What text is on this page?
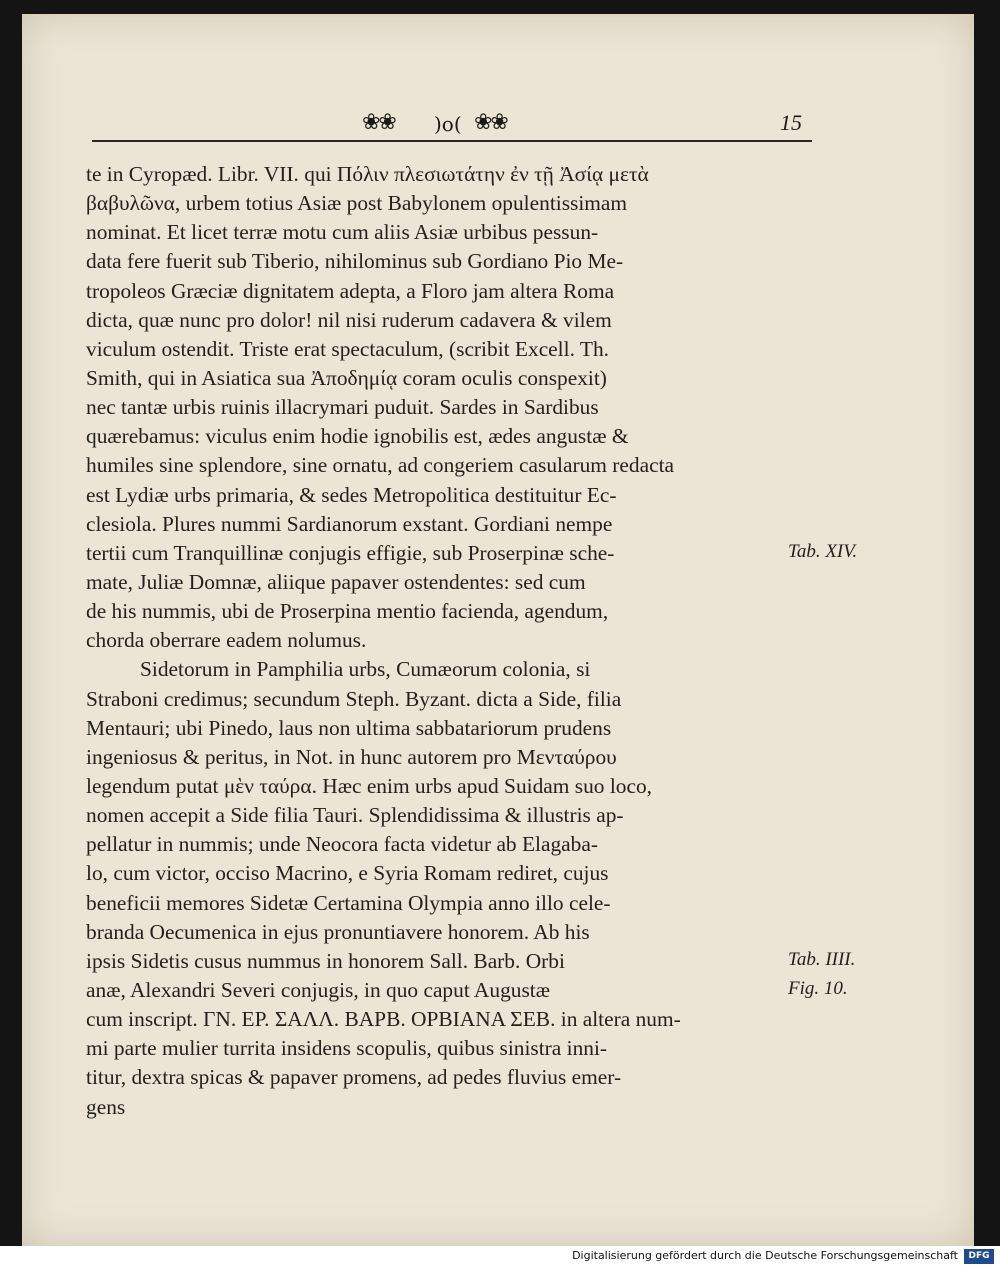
❀❀ )o( ❀❀	15
te in Cyropæd. Libr. VII. qui Πόλιν πλεσιωτάτην ἐν τῇ Ἀσίᾳ μετὰ
βαβυλῶνα, urbem totius Asiæ post Babylonem opulentissimam
nominat. Et licet terræ motu cum aliis Asiæ urbibus pessun-
data fere fuerit sub Tiberio, nihilominus sub Gordiano Pio Me-
tropoleos Græciæ dignitatem adepta, a Floro jam altera Roma
dicta, quæ nunc pro dolor! nil nisi ruderum cadavera & vilem
viculum ostendit. Triste erat spectaculum, (scribit Excell. Th.
Smith, qui in Asiatica sua Ἀποδημίᾳ coram oculis conspexit)
nec tantæ urbis ruinis illacrymari puduit. Sardes in Sardibus
quærebamus: viculus enim hodie ignobilis est, ædes angustæ &
humiles sine splendore, sine ornatu, ad congeriem casularum redacta
est Lydiæ urbs primaria, & sedes Metropolitica destituitur Ec-
clesiola. Plures nummi Sardianorum exstant. Gordiani nempe
tertii cum Tranquillinæ conjugis effigie, sub Proserpinæ sche-
mate, Juliæ Domnæ, aliique papaver ostendentes: sed cum
de his nummis, ubi de Proserpina mentio facienda, agendum,
chorda oberrare eadem nolumus.
Sidetorum in Pamphilia urbs, Cumæorum colonia, si
Straboni credimus; secundum Steph. Byzant. dicta a Side, filia
Mentauri; ubi Pinedo, laus non ultima sabbatariorum prudens
ingeniosus & peritus, in Not. in hunc autorem pro Μενταύρου
legendum putat μὲν ταύρα. Hæc enim urbs apud Suidam suo loco,
nomen accepit a Side filia Tauri. Splendidissima & illustris ap-
pellatur in nummis; unde Neocora facta videtur ab Elagaba-
lo, cum victor, occiso Macrino, e Syria Romam rediret, cujus
beneficii memores Sidetæ Certamina Olympia anno illo cele-
branda Oecumenica in ejus pronuntiavere honorem. Ab his
ipsis Sidetis cusus nummus in honorem Sall. Barb. Orbi
anæ, Alexandri Severi conjugis, in quo caput Augustæ
cum inscript. ΓΝ. ΕΡ. ΣΑΛΛ. ΒΑΡΒ. ΟΡΒΙΑΝΑ ΣΕΒ. in altera num-
mi parte mulier turrita insidens scopulis, quibus sinistra inni-
titur, dextra spicas & papaver promens, ad pedes fluvius emer-
gens
Tab. XIV.
Tab. IIII.
Fig. 10.
Digitalisierung gefördert durch die Deutsche Forschungsgemeinschaft	DFG
